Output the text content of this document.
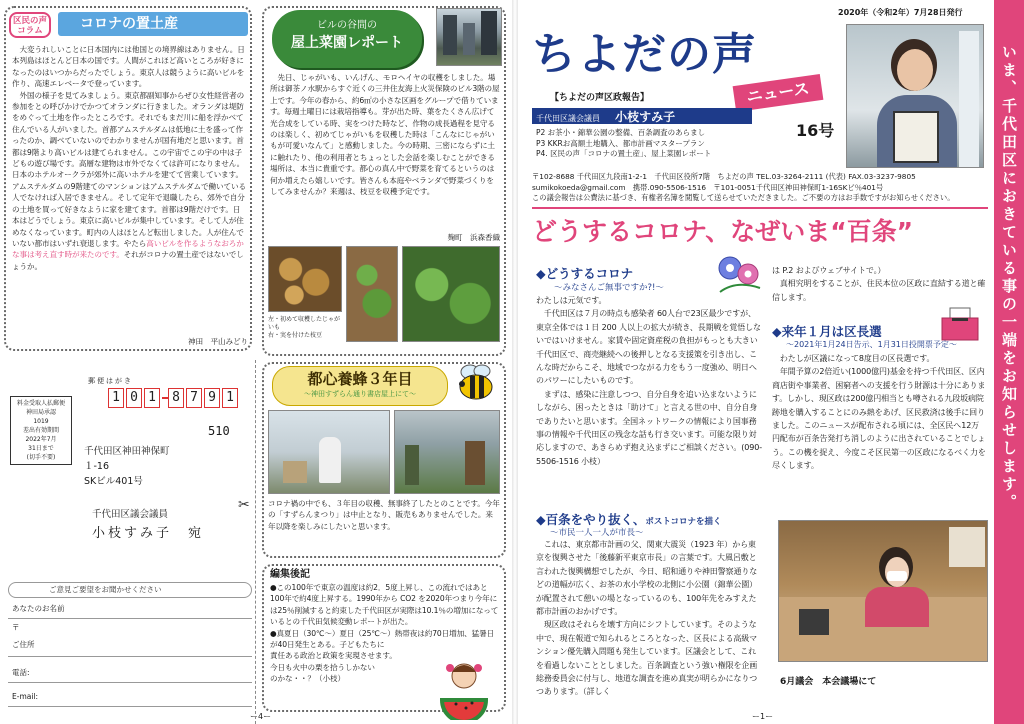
区民の声
コラム	コロナの置土産

　大変うれしいことに日本国内には他国との境界線はありません。日本列島はほとんど日本の国です。人間がこれほど高いところが好きになったのはいつからだったでしょう。東京人は競うように高いビルを作り、高速エレベータで登っています。
　外国の様子を見てみましょう。東京都副知事からぜひ女性経営者の参加をとの呼びかけでかつてオランダに行きました。オランダは堤防をめぐって土地を作ったところです。それでもまだ川に船を浮かべて住んでいる人がいました。首都アムステルダムは低地に土を盛って作ったのか、調べていないのでわかりませんが国有地だと思います。首都は9階より高いビルは建てられません。この宇宙でこの宇の中は子どもの遊び場です。高層な建物は市外でなくては許可になりません。日本のホテルオークラが郊外に高いホテルを建てて営業しています。アムステルダムの9階建てのマンションはアムステルダムで働いている人でなければ入居できません。そして定年で退職したら、郊外で自分の土地を買って好きなように家を建てます。首都は9階だけです。日本はどうでしょう。東京に高いビルが集中しています。そして人が住めなくなっています。町内の人はほとんど転出しました。人が住んでいない都市はいずれ衰退します。やたら高いビルを作るようなおろかな事は考え直す時が来たのです。それがコロナの置土産ではないでしょうか。

神田　平山みどり
ビルの谷間の
屋上菜園レポート

　先日、じゃがいも、いんげん、モロヘイヤの収穫をしました。場所は御茶ノ水駅からすぐ近くの三井住友海上火災保険のビル3階の屋上です。今年の春から、約6㎡の小さな区画をグループで借りています。毎週土曜日には栽培指導も。芽が出た時、葉をたくさん広げて光合成をしている時、実をつけた時など、作物の成長過程を見守るのは楽しく、初めてじゃがいもを収穫した時は「こんなにじゃがいもが可愛いなんて」と感動しました。今の時期、三密にならずに土に触れたり、他の利用者とちょっとした会話を楽しむことができる場所は、本当に貴重です。都心の真ん中で野菜を育てるというのは何か増えたら嬉しいです。皆さんも本庭やベランダで野菜づくりをしてみませんか？来週は、枝豆を収穫予定です。

麹町　浜森香織

左・初めて収穫したじゃがいも
右・実を付けた枝豆

都心養蜂３年目
〜神田すずらん通り書店屋上にて〜

コロナ禍の中でも、３年目の収穫、無事終了したとのことです。今年の「すずらんまつり」は中止となり、販売もありませんでした。来年以降を楽しみにしたいと思います。

編集後記

●この100年で東京の温度は約2．5度上昇し、この流れではあと100年で約4度上昇する。1990年から CO2 を2020年つまり今年には25％削減すると約束した千代田区が実際は10.1％の増加になっているとの千代田気候変動レポートが出た。
●真夏日（30℃〜）夏日（25℃〜）熱帯夜は約70日増加、猛暑日が40日発生とある。子どもたちに
責任ある政治と政策を実現させます。
今日も火中の栗を拾うしかない
のかな・・？（小枝）

ー4ー
✂
郵便はがき

料金受取人払郵便
神田局承認
1019
差出有効期間
2022年7月
31日まで
(切手不要)

1 0 1	8 7 9 1
510
千代田区神田神保町
１-16
SKビル401号
千代田区議会議員
小枝すみ子　宛
ご意見ご要望をお聞かせください
あなたのお名前
〒
ご住所
電話:
E-mail:
2020年（令和2年）7月28日発行
ちよだの声
ニュース
16号
【ちよだの声区政報告】
千代田区議会議員 小枝すみ子
P2 お茶小・錦華公園の整備、百条調査のあらまし
P3 KKRお高額土地購入、都市計画マスタープラン
P4. 区民の声「コロナの置土産」、屋上菜園レポート
〒102-8688 千代田区九段南1-2-1　千代田区役所7階　ちよだの声 TEL.03-3264-2111 (代表) FAX.03-3237-9805
sumikokoeda@gmail.com　携帯.090-5506-1516　〒101-0051千代田区神田神保町1-16SKビ％401号
この議会報告は公費法に基づき、有権者名簿を閲覧して送らせていただきました。ご不要の方はお手数ですがお知らせください。
どうするコロナ、なぜいま“百条”
◆どうするコロナ
〜みなさんご無事ですか?!〜

わたしは元気です。
　千代田区は７月の時点も感染者 60人台で23区最少ですが、東京全体では１日 200 人以上の拡大が続き、長期戦を覚悟しないではいけません。家賃や固定資産税の負担がもっとも大きい千代田区で、商売継続への後押しとなる支援策を引き出し、こんな時だからこそ、地域でつながる力をもう一度強め、明日へのパワーにしたいものです。
　まずは、感染に注意しつつ、自分自身を追い込まないようにしながら、困ったときは「助けて」と言える世の中、自分自身でありたいと思います。全国ネットワークの情報により国事務事の情報や千代田区の残念な話も行き交います。可能な限り対応しますので、あきらめず抱え込まずにご相談ください。(090-5506-1516 小枝）

◆百条をやり抜く、ポストコロナを描く
〜市民一人一人が市長〜

　これは、東京都市計画の父、関東大震災（1923 年）から東京を復興させた「後藤新平東京市長」の言葉です。大風呂敷と言われた復興構想でしたが、今日、昭和通りや神田警察通りなどの道幅が広く、お茶の水小学校の北側に小公園（錦華公園）が配置されて憩いの場となっているのも、100年先をみすえた都市計画のおかげです。
　現区政はそれらを壊す方向にシフトしています。そのような中で、現在報道で知られるところとなった、区長による高級マンション優先購入問題も発生しています。区議会として、これを看過しないこととしました。百条調査という強い権限を企画総務委員会に付与し、地道な調査を進め真実が明らかになりつつあります。（詳しく

は P.2 およびウェブサイトで。）
　真相究明をすることが、住民本位の区政に直結する道と確信します。

◆来年１月は区長選
〜2021年1月24日告示、1月31日投開票予定〜

　わたしが区議になって8度目の区長選です。
　年間予算の2倍近い(1000億円)基金を持つ千代田区、区内商店街や事業者、困窮者への支援を行う財源は十分にあります。しかし、現区政は200億円相当とも噂される九段坂病院跡地を購入することにのみ熱をあげ、区民救済は後手に回りました。このニュースが配布される頃には、全区民へ12万円配布が百条告発打ち消しのように出されていることでしょう。この機を捉え、今度こそ区民第一の区政になるべく力を尽くします。

6月議会　本会議場にて
ー1ー
いま、千代田区におきている事の一端をお知らせします。
